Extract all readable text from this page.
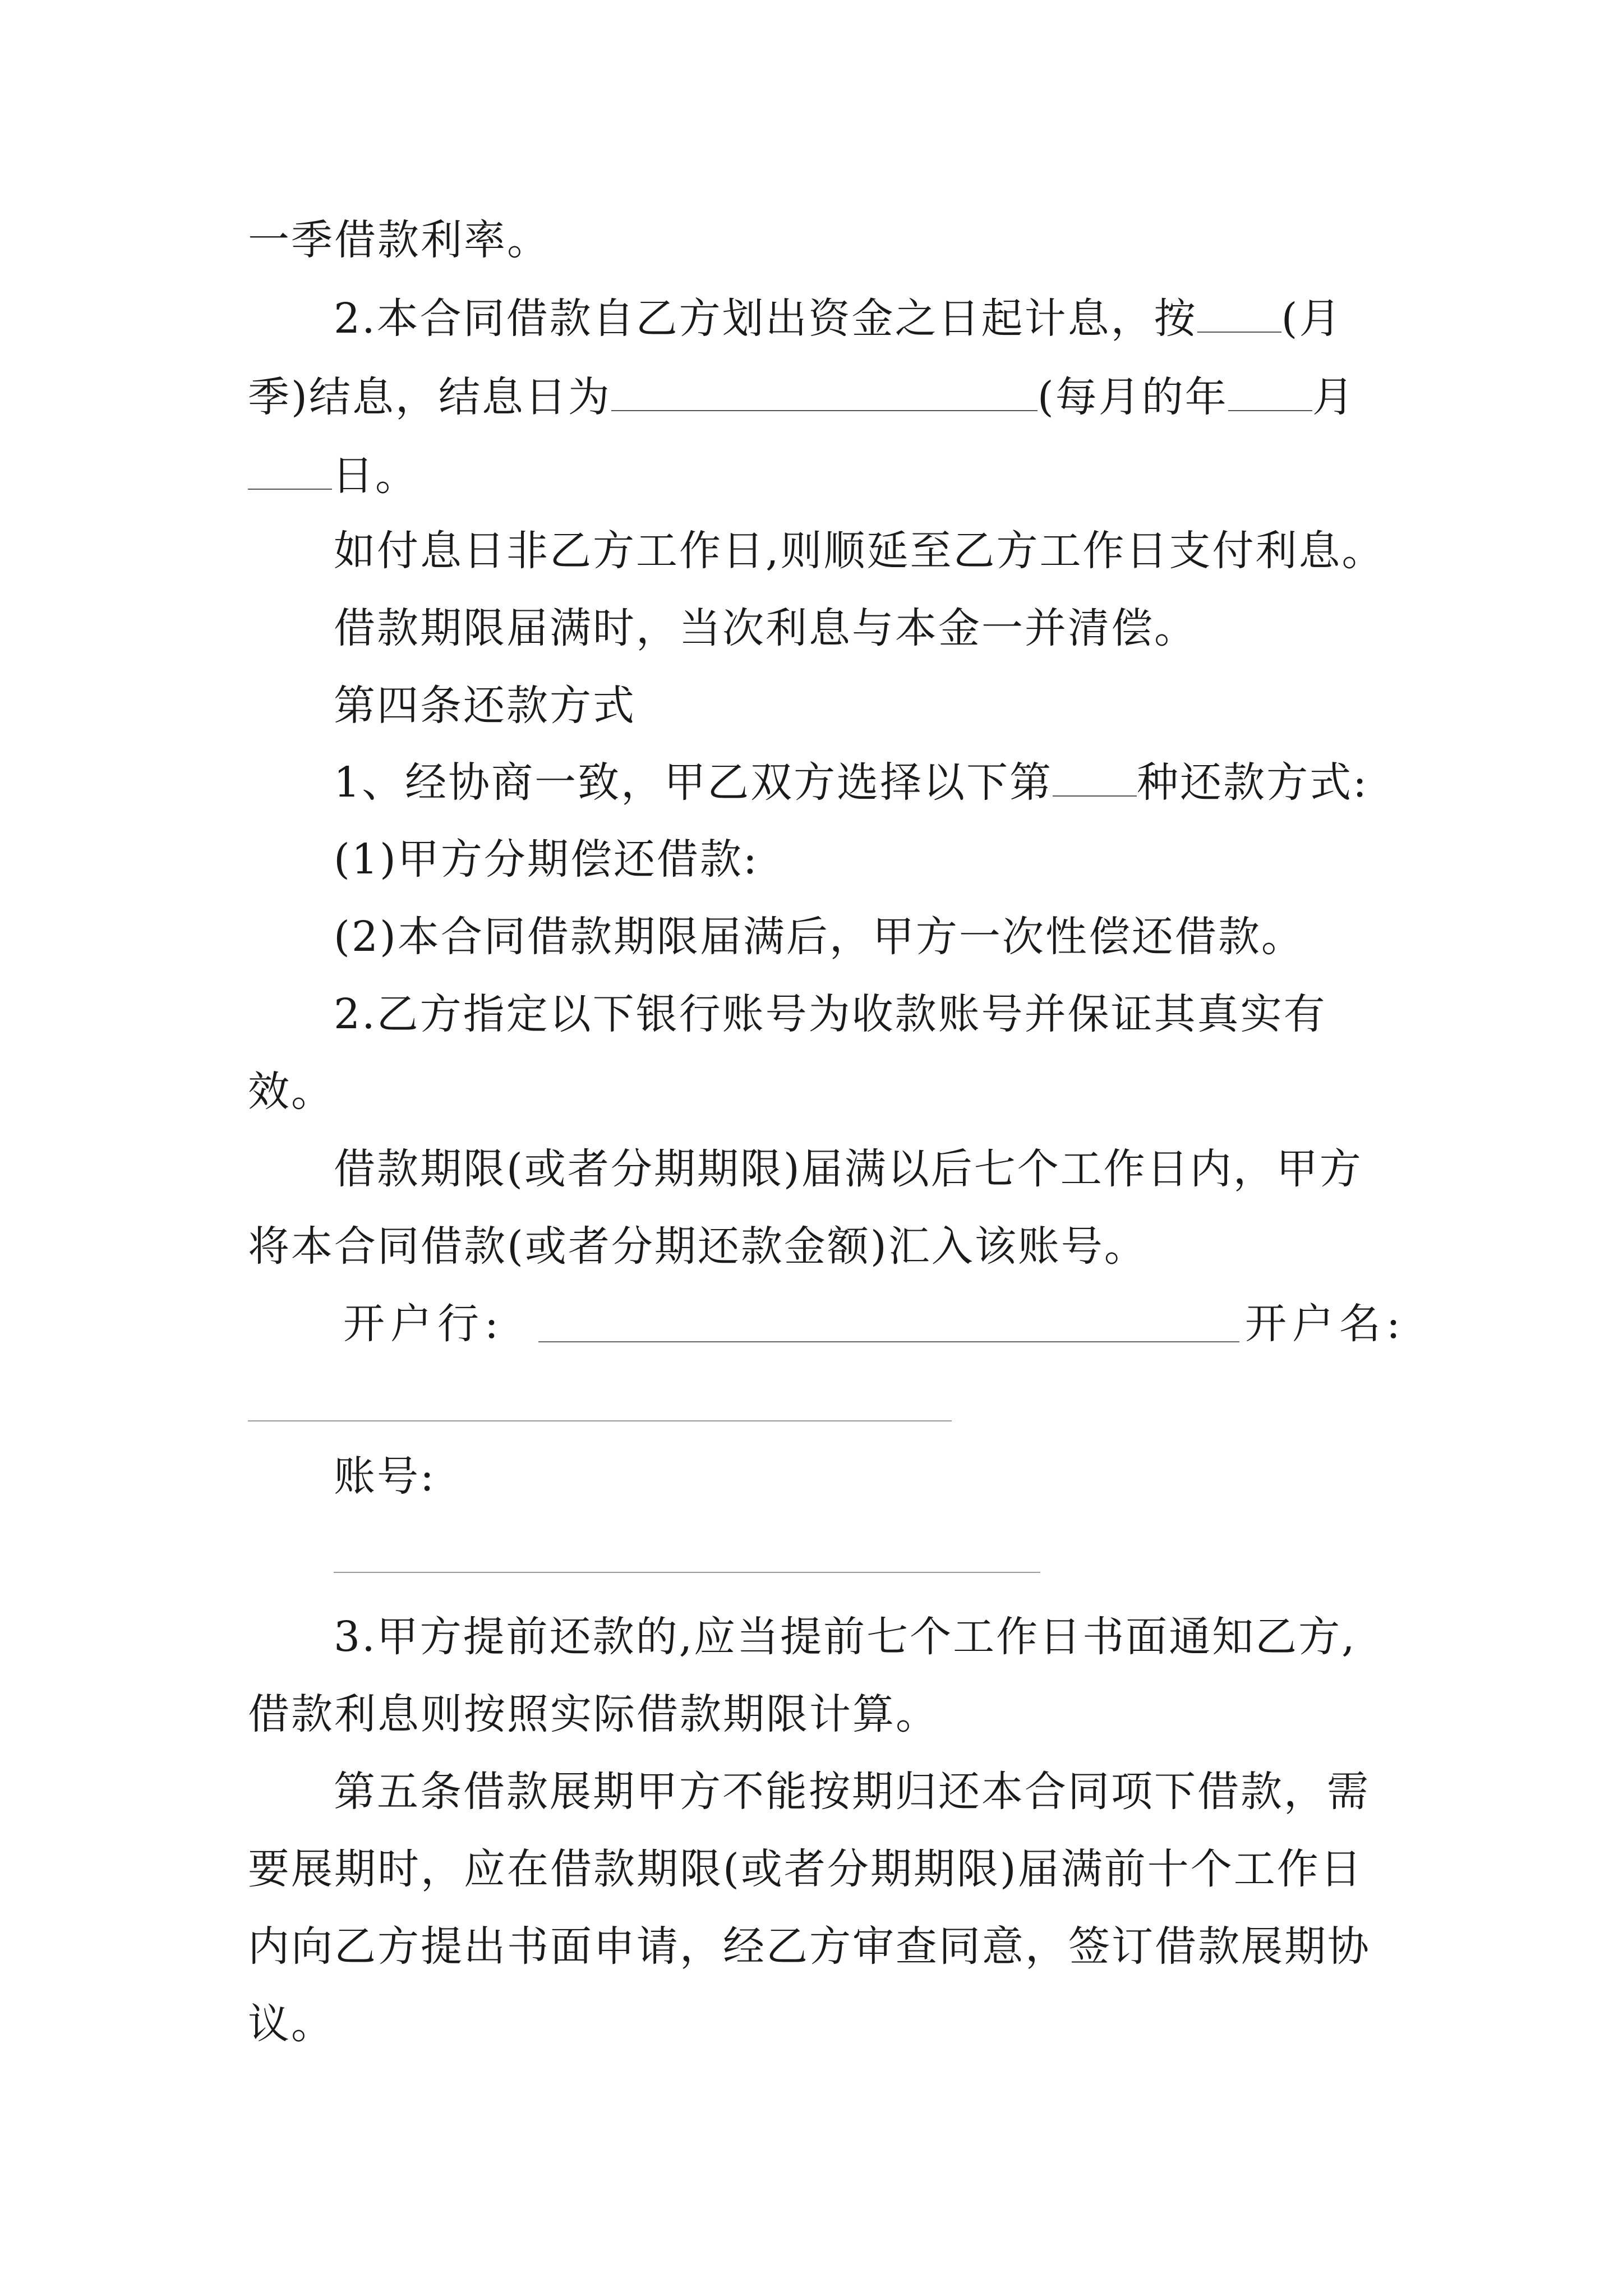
一季借款利率。
2.本合同借款自乙方划出资金之日起计息，按 (月
季)结息，结息日为	(每月的年 月
日。
如付息日非乙方工作日,则顺延至乙方工作日支付利息。
借款期限届满时，当次利息与本金一并清偿。
第四条还款方式
1、经协商一致，甲乙双方选择以下第 种还款方式:
(1)甲方分期偿还借款:
(2)本合同借款期限届满后，甲方一次性偿还借款。
2.乙方指定以下银行账号为收款账号并保证其真实有
效。
借款期限(或者分期期限)届满以后七个工作日内，甲方
将本合同借款(或者分期还款金额)汇入该账号。
开户行:	开户名:
账号:
3.甲方提前还款的,应当提前七个工作日书面通知乙方,
借款利息则按照实际借款期限计算。
第五条借款展期甲方不能按期归还本合同项下借款，需
要展期时，应在借款期限(或者分期期限)届满前十个工作日
内向乙方提出书面申请，经乙方审查同意，签订借款展期协
议。
